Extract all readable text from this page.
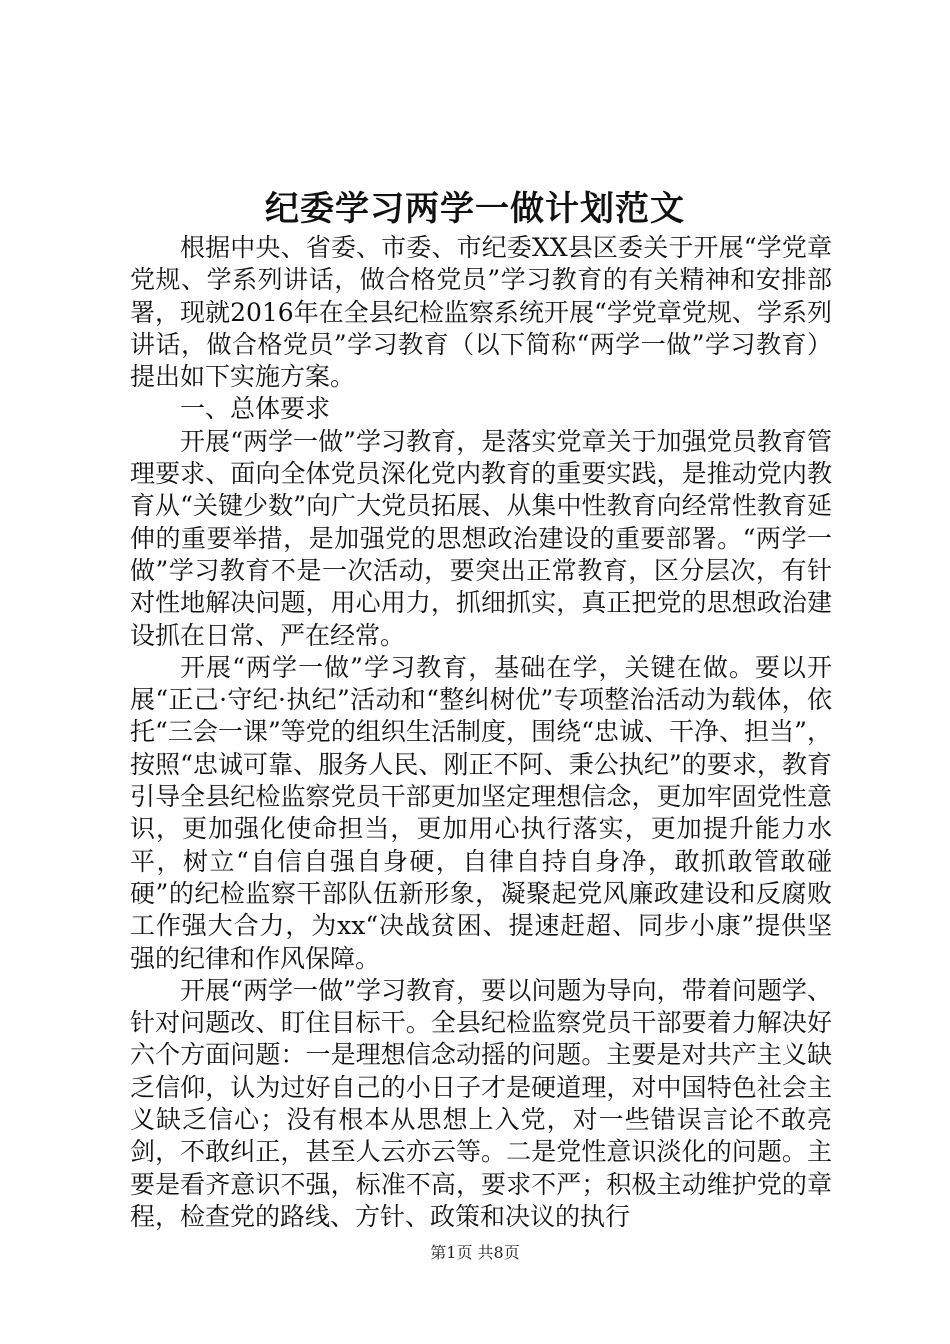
纪委学习两学一做计划范文

根据中央、省委、市委、市纪委XX县区委关于开展“学党章党规、学系列讲话，做合格党员”学习教育的有关精神和安排部署，现就2016年在全县纪检监察系统开展“学党章党规、学系列讲话，做合格党员”学习教育（以下简称“两学一做”学习教育）提出如下实施方案。

一、总体要求

开展“两学一做”学习教育，是落实党章关于加强党员教育管理要求、面向全体党员深化党内教育的重要实践，是推动党内教育从“关键少数”向广大党员拓展、从集中性教育向经常性教育延伸的重要举措，是加强党的思想政治建设的重要部署。“两学一做”学习教育不是一次活动，要突出正常教育，区分层次，有针对性地解决问题，用心用力，抓细抓实，真正把党的思想政治建设抓在日常、严在经常。

开展“两学一做”学习教育，基础在学，关键在做。要以开展“正己·守纪·执纪”活动和“整纠树优”专项整治活动为载体，依托“三会一课”等党的组织生活制度，围绕“忠诚、干净、担当”，按照“忠诚可靠、服务人民、刚正不阿、秉公执纪”的要求，教育引导全县纪检监察党员干部更加坚定理想信念，更加牢固党性意识，更加强化使命担当，更加用心执行落实，更加提升能力水平，树立“自信自强自身硬，自律自持自身净，敢抓敢管敢碰硬”的纪检监察干部队伍新形象，凝聚起党风廉政建设和反腐败工作强大合力，为xx“决战贫困、提速赶超、同步小康”提供坚强的纪律和作风保障。

开展“两学一做”学习教育，要以问题为导向，带着问题学、针对问题改、盯住目标干。全县纪检监察党员干部要着力解决好六个方面问题：一是理想信念动摇的问题。主要是对共产主义缺乏信仰，认为过好自己的小日子才是硬道理，对中国特色社会主义缺乏信心；没有根本从思想上入党，对一些错误言论不敢亮剑，不敢纠正，甚至人云亦云等。二是党性意识淡化的问题。主要是看齐意识不强，标准不高，要求不严；积极主动维护党的章程，检查党的路线、方针、政策和决议的执行

第1页 共8页
